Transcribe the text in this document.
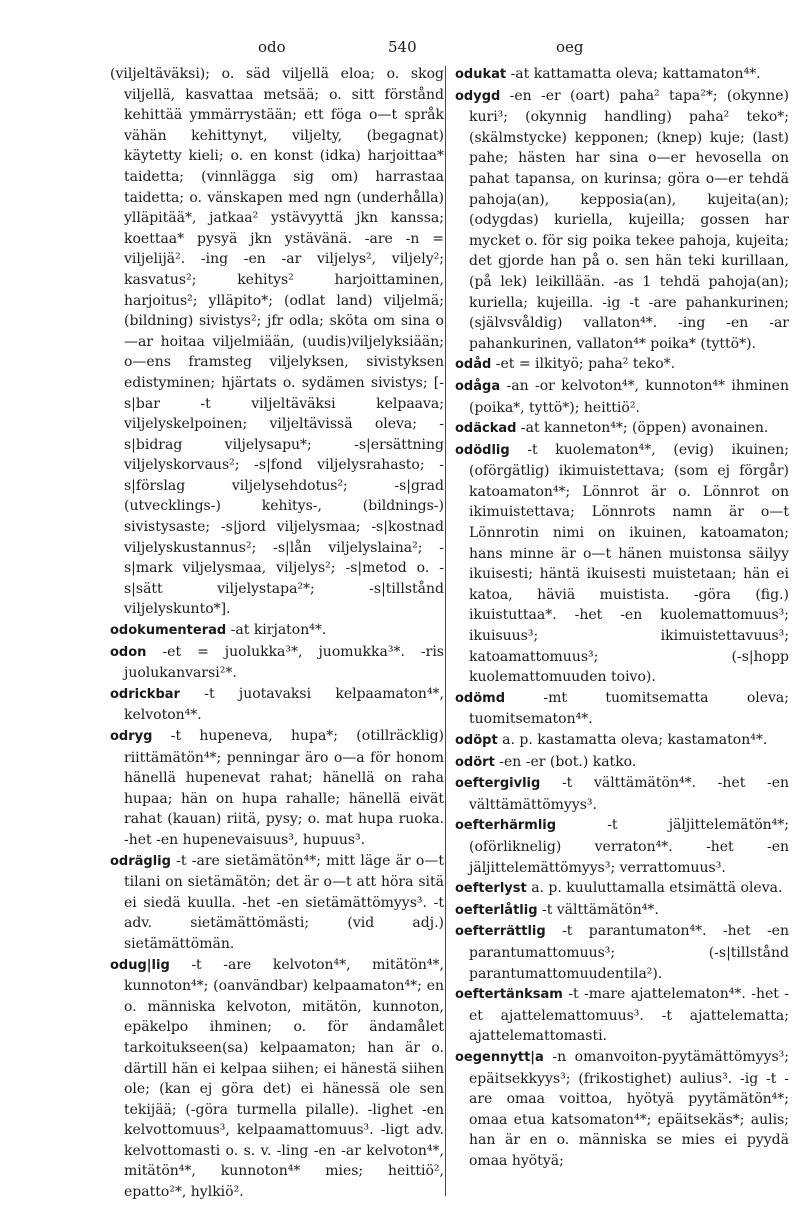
odo	540	oeg
(viljeltäväksi); o. säd viljellä eloa; o. skog viljellä, kasvattaa metsää; o. sitt förstånd kehittää ymmärrystään; ett föga o—t språk vähän kehittynyt, viljelty, (begagnat) käytetty kieli; o. en konst (idka) harjoittaa* taidetta; (vinnlägga sig om) harrastaa taidetta; o. vänskapen med ngn (underhålla) ylläpitää*, jatkaa² ystävyyttä jkn kanssa; koettaa* pysyä jkn ystävänä. -are -n = viljelijä². -ing -en -ar viljelys², viljely²; kasvatus²; kehitys² harjoittaminen, harjoitus²; ylläpito*; (odlat land) viljelmä; (bildning) sivistys²; jfr odla; sköta om sina o—ar hoitaa viljelmiään, (uudis)viljelyksiään; o—ens framsteg viljelyksen, sivistyksen edistyminen; hjärtats o. sydämen sivistys; [-s|bar -t viljeltäväksi kelpaava; viljelyskelpoinen; viljeltävissä oleva; -s|bidrag viljelysapu*; -s|ersättning viljelyskorvaus²; -s|fond viljelysrahasto; -s|förslag viljelysehdotus²; -s|grad (utvecklings-) kehitys-, (bildnings-) sivistysaste; -s|jord viljelysmaa; -s|kostnad viljelyskustannus²; -s|lån viljelyslaina²; -s|mark viljelysmaa, viljelys²; -s|metod o. -s|sätt viljelystapa²*; -s|tillstånd viljelyskunto*].
odokumenterad -at kirjaton⁴*.
odon -et = juolukka³*, juomukka³*. -ris juolukanvarsi²*.
odrickbar -t juotavaksi kelpaamaton⁴*, kelvoton⁴*.
odryg -t hupeneva, hupa*; (otillräcklig) riittämätön⁴*; penningar äro o—a för honom hänellä hupenevat rahat; hänellä on raha hupaa; hän on hupa rahalle; hänellä eivät rahat (kauan) riitä, pysy; o. mat hupa ruoka. -het -en hupenevaisuus³, hupuus³.
odräglig -t -are sietämätön⁴*; mitt läge är o—t tilani on sietämätön; det är o—t att höra sitä ei siedä kuulla. -het -en sietämättömyys³. -t adv. sietämättömästi; (vid adj.) sietämättömän.
odug|lig -t -are kelvoton⁴*, mitätön⁴*, kunnoton⁴*; (oanvändbar) kelpaamaton⁴*; en o. människa kelvoton, mitätön, kunnoton, epäkelpo ihminen; o. för ändamålet tarkoitukseen(sa) kelpaamaton; han är o. därtill hän ei kelpaa siihen; ei hänestä siihen ole; (kan ej göra det) ei hänessä ole sen tekijää; (-göra turmella pilalle). -lighet -en kelvottomuus³, kelpaamattomuus³. -ligt adv. kelvottomasti o. s. v. -ling -en -ar kelvoton⁴*, mitätön⁴*, kunnoton⁴* mies; heittiö², epatto²*, hylkiö².
odukat -at kattamatta oleva; kattamaton⁴*.
odygd -en -er (oart) paha² tapa²*; (okynne) kuri³; (okynnig handling) paha² teko*; (skälmstycke) kepponen; (knep) kuje; (last) pahe; hästen har sina o—er hevosella on pahat tapansa, on kurinsa; göra o—er tehdä pahoja(an), kepposia(an), kujeita(an); (odygdas) kuriella, kujeilla; gossen har mycket o. för sig poika tekee pahoja, kujeita; det gjorde han på o. sen hän teki kurillaan, (på lek) leikillään. -as 1 tehdä pahoja(an); kuriella; kujeilla. -ig -t -are pahankurinen; (självsvåldig) vallaton⁴*. -ing -en -ar pahankurinen, vallaton⁴* poika* (tyttö*).
odåd -et = ilkityö; paha² teko*.
odåga -an -or kelvoton⁴*, kunnoton⁴* ihminen (poika*, tyttö*); heittiö².
odäckad -at kanneton⁴*; (öppen) avonainen.
odödlig -t kuolematon⁴*, (evig) ikuinen; (oförgätlig) ikimuistettava; (som ej förgår) katoamaton⁴*; Lönnrot är o. Lönnrot on ikimuistettava; Lönnrots namn är o—t Lönnrotin nimi on ikuinen, katoamaton; hans minne är o—t hänen muistonsa säilyy ikuisesti; häntä ikuisesti muistetaan; hän ei katoa, häviä muistista. -göra (fig.) ikuistuttaa*. -het -en kuolemattomuus³; ikuisuus³; ikimuistettavuus³; katoamattomuus³; (-s|hopp kuolemattomuuden toivo).
odömd	-mt tuomitsematta oleva; tuomitsematon⁴*.
odöpt a. p. kastamatta oleva; kastamaton⁴*.
odört -en -er (bot.) katko.
oeftergivlig -t välttämätön⁴*. -het -en välttämättömyys³.
oefterhärmlig	-t jäljittelemätön⁴*; (oförliknelig) verraton⁴*. -het -en jäljittelemättömyys³; verrattomuus³.
oefterlyst a. p. kuuluttamalla etsimättä oleva.
oefterlåtlig -t välttämätön⁴*.
oefterrättlig -t parantumaton⁴*. -het -en parantumattomuus³; (-s|tillstånd parantumattomuudentila²).
oeftertänksam -t -mare ajattelematon⁴*. -het -et ajattelemattomuus³. -t ajattelematta; ajattelemattomasti.
oegennytt|a -n omanvoiton-pyytämättömyys³; epäitsekkyys³; (frikostighet) aulius³. -ig -t -are omaa voittoa, hyötyä pyytämätön⁴*; omaa etua katsomaton⁴*; epäitsekäs*; aulis; han är en o. människa se mies ei pyydä omaa hyötyä;
